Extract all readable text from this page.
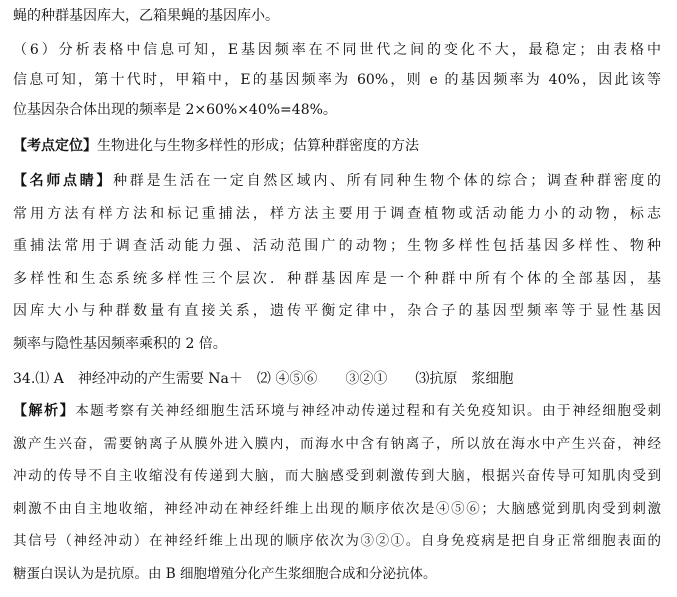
蝇的种群基因库大，乙箱果蝇的基因库小。
（6）分析表格中信息可知，E基因频率在不同世代之间的变化不大，最稳定；由表格中
信息可知，第十代时，甲箱中，E的基因频率为 60%，则 e 的基因频率为 40%，因此该等
位基因杂合体出现的频率是 2×60%×40%=48%。
【考点定位】生物进化与生物多样性的形成；估算种群密度的方法
【名师点睛】种群是生活在一定自然区域内、所有同种生物个体的综合；调查种群密度的
常用方法有样方法和标记重捕法，样方法主要用于调查植物或活动能力小的动物，标志
重捕法常用于调查活动能力强、活动范围广的动物；生物多样性包括基因多样性、物种
多样性和生态系统多样性三个层次．种群基因库是一个种群中所有个体的全部基因，基
因库大小与种群数量有直接关系，遗传平衡定律中，杂合子的基因型频率等于显性基因
频率与隐性基因频率乘积的 2 倍。
34.⑴ A　神经冲动的产生需要 Na＋　⑵ ④⑤⑥　　③②①　　⑶抗原　浆细胞
【解析】本题考察有关神经细胞生活环境与神经冲动传递过程和有关免疫知识。由于神经细胞受刺
激产生兴奋，需要钠离子从膜外进入膜内，而海水中含有钠离子，所以放在海水中产生兴奋，神经
冲动的传导不自主收缩没有传递到大脑，而大脑感受到刺激传到大脑，根据兴奋传导可知肌肉受到
刺激不由自主地收缩，神经冲动在神经纤维上出现的顺序依次是④⑤⑥；大脑感觉到肌肉受到刺激
其信号（神经冲动）在神经纤维上出现的顺序依次为③②①。自身免疫病是把自身正常细胞表面的
糖蛋白误认为是抗原。由 B 细胞增殖分化产生浆细胞合成和分泌抗体。
